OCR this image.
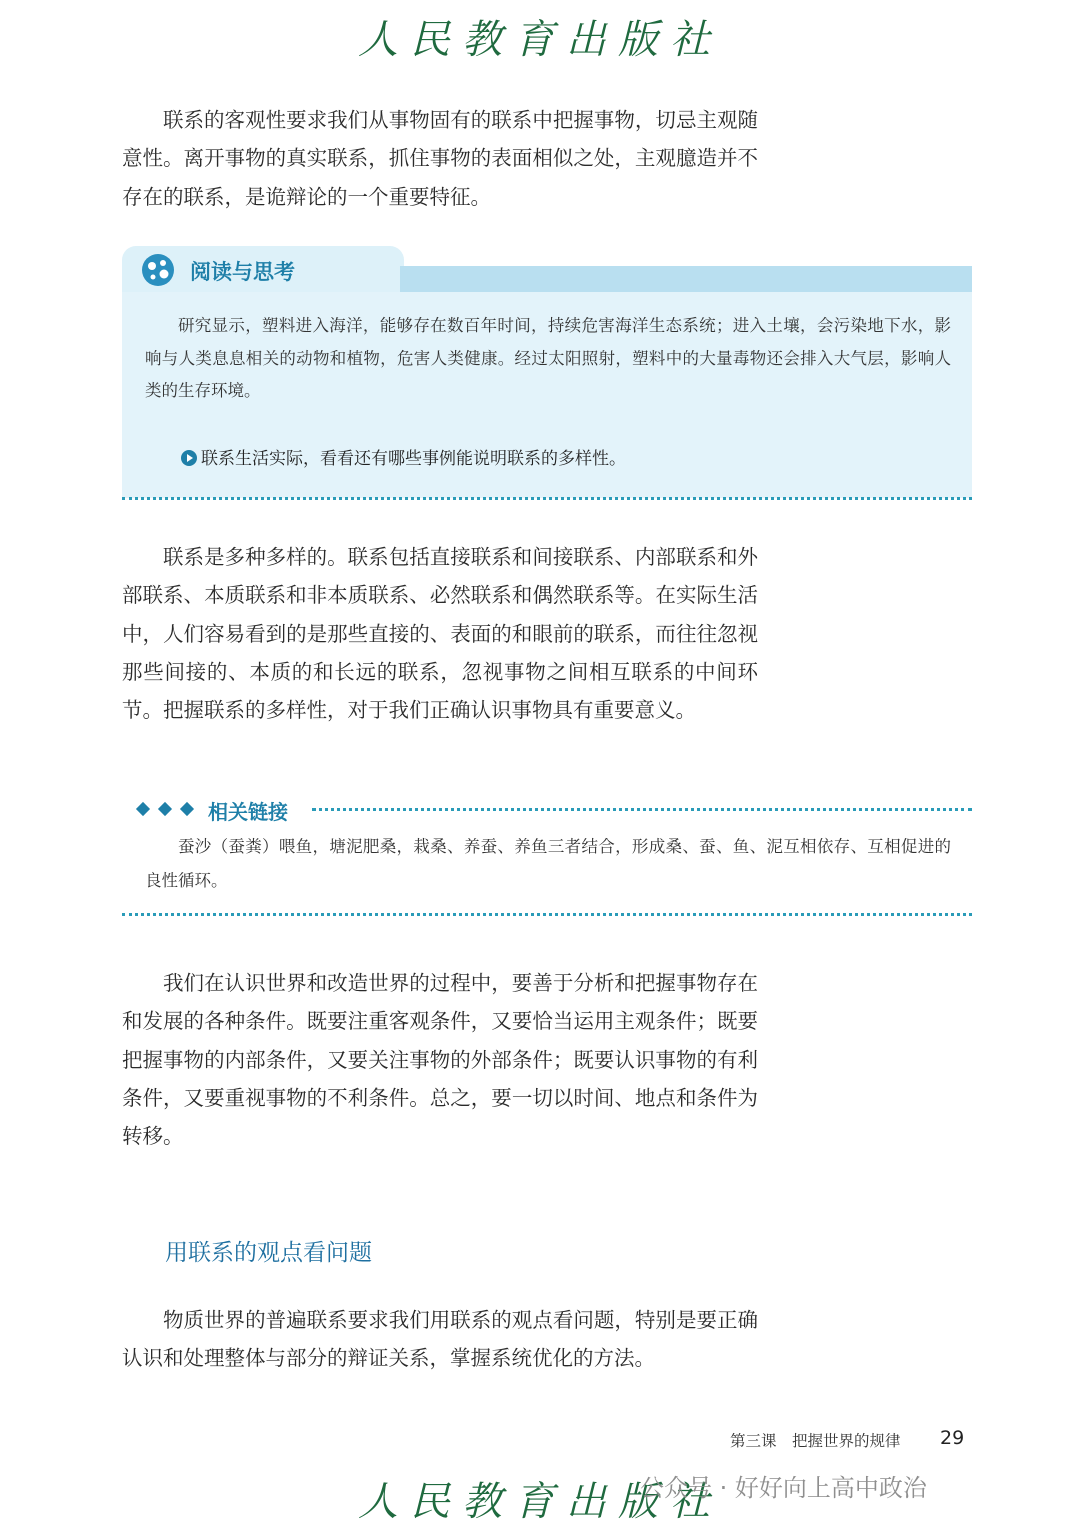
人民教育出版社

联系的客观性要求我们从事物固有的联系中把握事物，切忌主观随意性。离开事物的真实联系，抓住事物的表面相似之处，主观臆造并不存在的联系，是诡辩论的一个重要特征。

阅读与思考

研究显示，塑料进入海洋，能够存在数百年时间，持续危害海洋生态系统；进入土壤，会污染地下水，影响与人类息息相关的动物和植物，危害人类健康。经过太阳照射，塑料中的大量毒物还会排入大气层，影响人类的生存环境。

联系生活实际，看看还有哪些事例能说明联系的多样性。

联系是多种多样的。联系包括直接联系和间接联系、内部联系和外部联系、本质联系和非本质联系、必然联系和偶然联系等。在实际生活中，人们容易看到的是那些直接的、表面的和眼前的联系，而往往忽视那些间接的、本质的和长远的联系，忽视事物之间相互联系的中间环节。把握联系的多样性，对于我们正确认识事物具有重要意义。

相关链接

蚕沙（蚕粪）喂鱼，塘泥肥桑，栽桑、养蚕、养鱼三者结合，形成桑、蚕、鱼、泥互相依存、互相促进的良性循环。

我们在认识世界和改造世界的过程中，要善于分析和把握事物存在和发展的各种条件。既要注重客观条件，又要恰当运用主观条件；既要把握事物的内部条件，又要关注事物的外部条件；既要认识事物的有利条件，又要重视事物的不利条件。总之，要一切以时间、地点和条件为转移。

用联系的观点看问题

物质世界的普遍联系要求我们用联系的观点看问题，特别是要正确认识和处理整体与部分的辩证关系，掌握系统优化的方法。

第三课　把握世界的规律 29
人民教育出版社
公众号 · 好好向上高中政治
